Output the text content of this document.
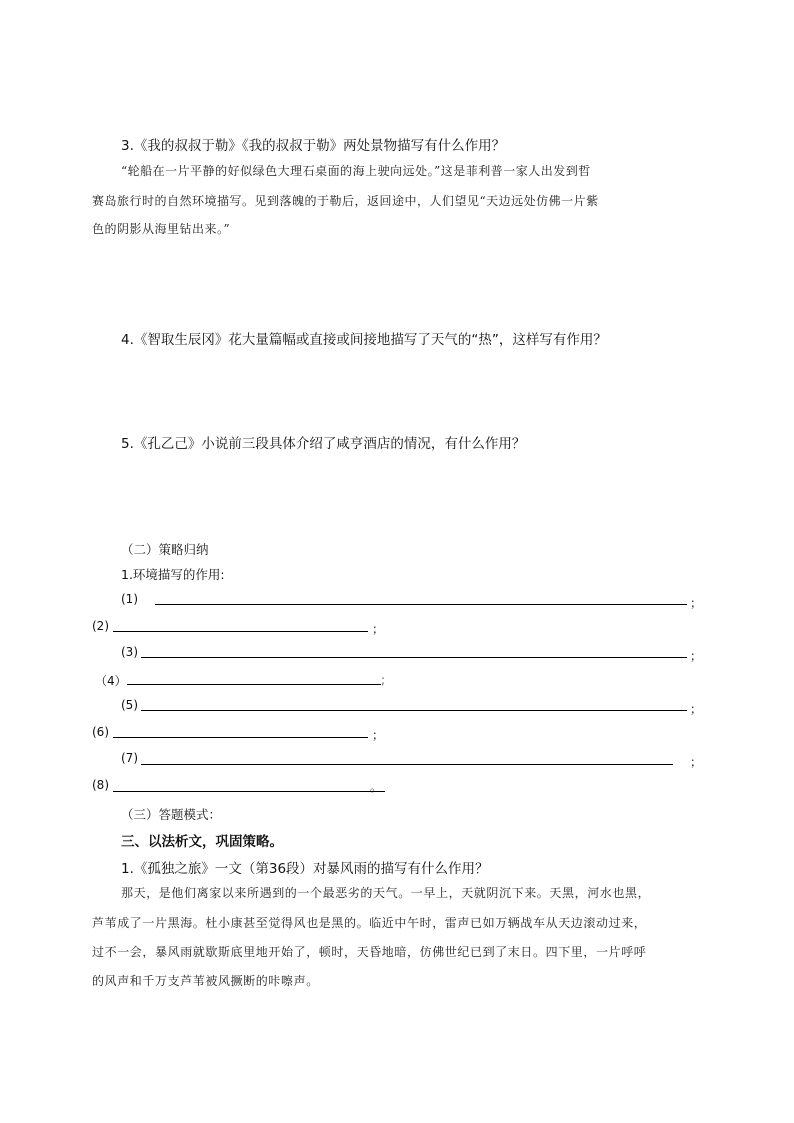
3.《我的叔叔于勒》《我的叔叔于勒》两处景物描写有什么作用？
“轮船在一片平静的好似绿色大理石桌面的海上驶向远处。”这是菲利普一家人出发到哲
赛岛旅行时的自然环境描写。见到落魄的于勒后，返回途中，人们望见“天边远处仿佛一片紫
色的阴影从海里钻出来。”
4.《智取生辰冈》花大量篇幅或直接或间接地描写了天气的“热”，这样写有作用？
5.《孔乙己》小说前三段具体介绍了咸亨酒店的情况，有什么作用？
（二）策略归纳
1.环境描写的作用:
(1)	；
(2)	；
(3)	；
（4）	;
(5)	；
(6)	；
(7)	；
(8)	。
（三）答题模式：
三、以法析文，巩固策略。
1.《孤独之旅》一文（第36段）对暴风雨的描写有什么作用？
那天，是他们离家以来所遇到的一个最恶劣的天气。一早上，天就阴沉下来。天黑，河水也黑，
芦苇成了一片黑海。杜小康甚至觉得风也是黑的。临近中午时，雷声已如万辆战车从天边滚动过来，
过不一会，暴风雨就歇斯底里地开始了，顿时，天昏地暗，仿佛世纪已到了末日。四下里，一片呼呼
的风声和千万支芦苇被风撅断的咔嚓声。
